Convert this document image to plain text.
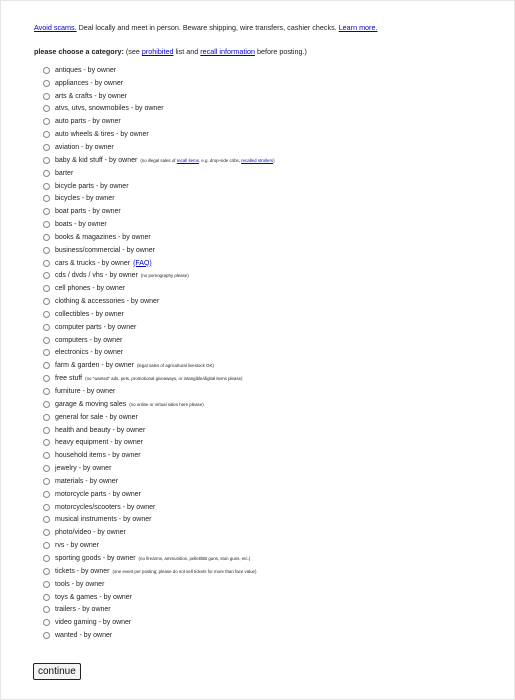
Avoid scams. Deal locally and meet in person. Beware shipping, wire transfers, cashier checks. Learn more.
please choose a category: (see prohibited list and recall information before posting.)
antiques - by owner
appliances - by owner
arts & crafts - by owner
atvs, utvs, snowmobiles - by owner
auto parts - by owner
auto wheels & tires - by owner
aviation - by owner
baby & kid stuff - by owner (no illegal sales of recall items, e.g. drop-side cribs, recalled strollers)
barter
bicycle parts - by owner
bicycles - by owner
boat parts - by owner
boats - by owner
books & magazines - by owner
business/commercial - by owner
cars & trucks - by owner (FAQ)
cds / dvds / vhs - by owner (no pornography please)
cell phones - by owner
clothing & accessories - by owner
collectibles - by owner
computer parts - by owner
computers - by owner
electronics - by owner
farm & garden - by owner (legal sales of agricultural livestock OK)
free stuff (no "wanted" ads, pets, promotional giveaways, or intangible/digital items please)
furniture - by owner
garage & moving sales (no online or virtual sales here please)
general for sale - by owner
health and beauty - by owner
heavy equipment - by owner
household items - by owner
jewelry - by owner
materials - by owner
motorcycle parts - by owner
motorcycles/scooters - by owner
musical instruments - by owner
photo/video - by owner
rvs - by owner
sporting goods - by owner (no firearms, ammunition, pellet/BB guns, stun guns, etc.)
tickets - by owner (one event per posting; please do not sell tickets for more than face value)
tools - by owner
toys & games - by owner
trailers - by owner
video gaming - by owner
wanted - by owner
continue
